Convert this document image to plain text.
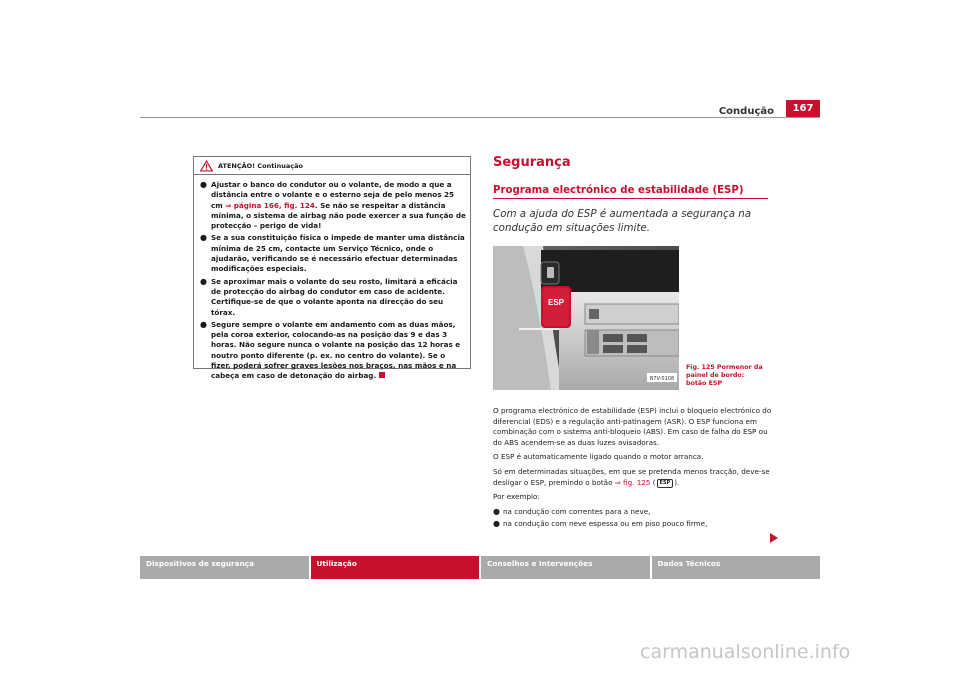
Condução	167
ATENÇÃO! Continuação
● Ajustar o banco do condutor ou o volante, de modo a que a distância entre o volante e o esterno seja de pelo menos 25 cm ⇒ página 166, fig. 124. Se não se respeitar a distância mínima, o sistema de airbag não pode exercer a sua função de protecção – perigo de vida!
● Se a sua constituição física o impede de manter uma distância mínima de 25 cm, contacte um Serviço Técnico, onde o ajudarão, verificando se é necessário efectuar determinadas modificações especiais.
● Se aproximar mais o volante do seu rosto, limitará a eficácia de protecção do airbag do condutor em caso de acidente. Certifique-se de que o volante aponta na direcção do seu tórax.
● Segure sempre o volante em andamento com as duas mãos, pela coroa exterior, colocando-as na posição das 9 e das 3 horas. Não segure nunca o volante na posição das 12 horas e noutro ponto diferente (p. ex. no centro do volante). Se o fizer, poderá sofrer graves lesões nos braços, nas mãos e na cabeça em caso de detonação do airbag.
Segurança
Programa electrónico de estabilidade (ESP)
Com a ajuda do ESP é aumentada a segurança na condução em situações limite.
ESP
B7V-0108
Fig. 125 Pormenor da painel de bordo: botão ESP

O programa electrónico de estabilidade (ESP) inclui o bloqueio electrónico do diferencial (EDS) e a regulação anti-patinagem (ASR). O ESP funciona em combinação com o sistema anti-bloqueio (ABS). Em caso de falha do ESP ou do ABS acendem-se as duas luzes avisadoras.

O ESP é automaticamente ligado quando o motor arranca.

Só em determinadas situações, em que se pretenda menos tracção, deve-se desligar o ESP, premindo o botão ⇒ fig. 125 ( ESP ).

Por exemplo:

● na condução com correntes para a neve,
● na condução com neve espessa ou em piso pouco firme,
Dispositivos de segurança	Utilização	Conselhos e Intervenções	Dados Técnicos
carmanualsonline.info
